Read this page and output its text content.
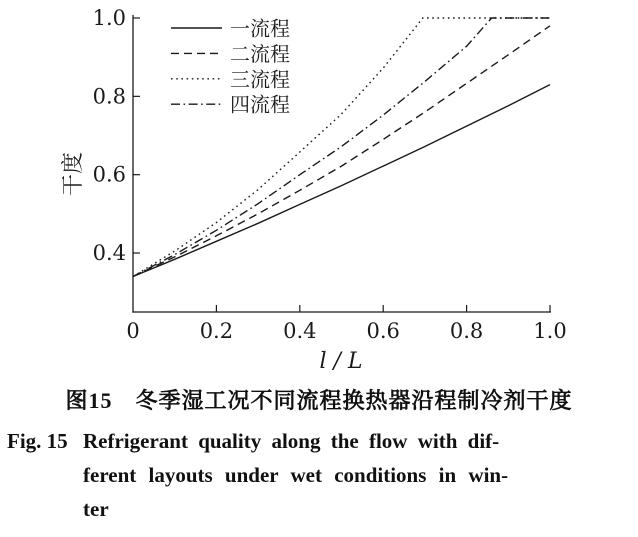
0	0.2 0.4 0.6 0.8 1.0
0.4
0.6
0.8
1.0
l / L
干度
一流程
二流程
三流程
四流程
图15　冬季湿工况不同流程换热器沿程制冷剂干度
Fig. 15 Refrigerant quality along the flow with dif-
ferent layouts under wet conditions in win-
ter
